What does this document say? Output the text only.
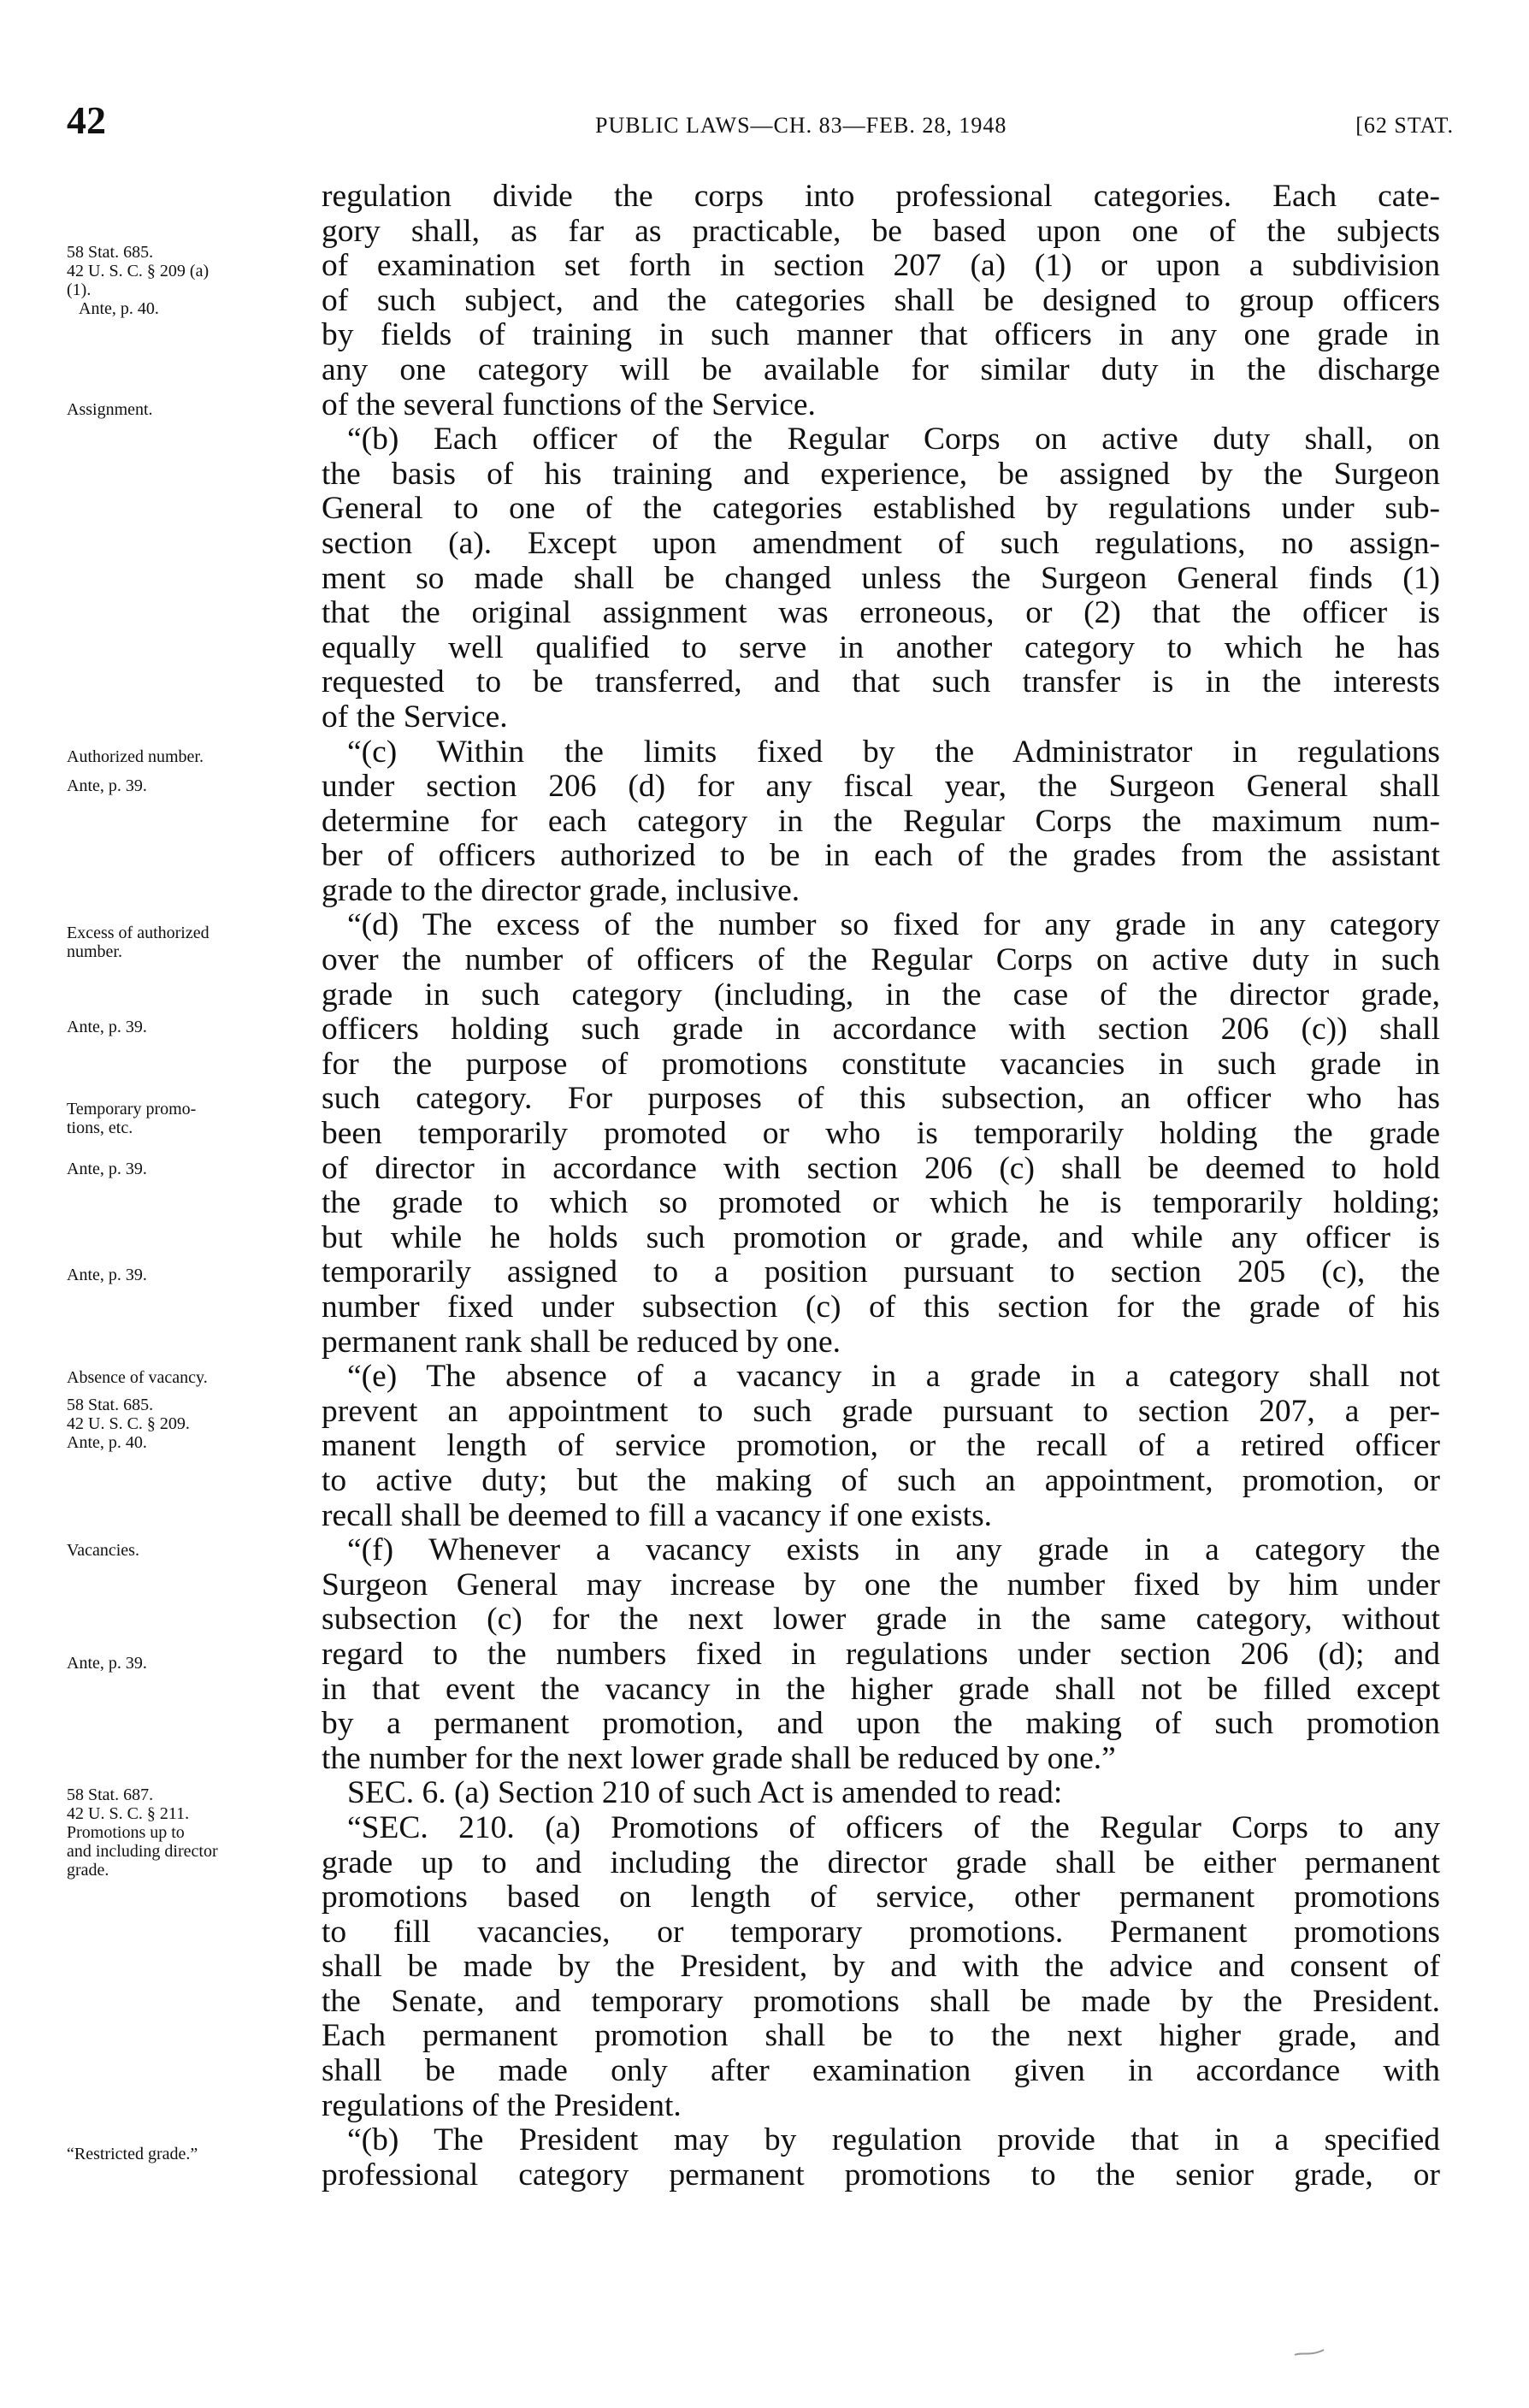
42	PUBLIC LAWS—CH. 83—FEB. 28, 1948	[62 STAT.
58 Stat. 685.
42 U. S. C. § 209 (a)
(1).
Ante, p. 40.
Assignment.
Authorized number.
Ante, p. 39.
Excess of authorized
number.
Ante, p. 39.
Temporary promo-
tions, etc.
Ante, p. 39.
Ante, p. 39.
Absence of vacancy.
58 Stat. 685.
42 U. S. C. § 209.
Ante, p. 40.
Vacancies.
Ante, p. 39.
58 Stat. 687.
42 U. S. C. § 211.
Promotions up to
and including director
grade.
“Restricted grade.”
regulation divide the corps into professional categories. Each cate-
gory shall, as far as practicable, be based upon one of the subjects
of examination set forth in section 207 (a) (1) or upon a subdivision
of such subject, and the categories shall be designed to group officers
by fields of training in such manner that officers in any one grade in
any one category will be available for similar duty in the discharge
of the several functions of the Service.
“(b) Each officer of the Regular Corps on active duty shall, on
the basis of his training and experience, be assigned by the Surgeon
General to one of the categories established by regulations under sub-
section (a). Except upon amendment of such regulations, no assign-
ment so made shall be changed unless the Surgeon General finds (1)
that the original assignment was erroneous, or (2) that the officer is
equally well qualified to serve in another category to which he has
requested to be transferred, and that such transfer is in the interests
of the Service.
“(c) Within the limits fixed by the Administrator in regulations
under section 206 (d) for any fiscal year, the Surgeon General shall
determine for each category in the Regular Corps the maximum num-
ber of officers authorized to be in each of the grades from the assistant
grade to the director grade, inclusive.
“(d) The excess of the number so fixed for any grade in any category
over the number of officers of the Regular Corps on active duty in such
grade in such category (including, in the case of the director grade,
officers holding such grade in accordance with section 206 (c)) shall
for the purpose of promotions constitute vacancies in such grade in
such category. For purposes of this subsection, an officer who has
been temporarily promoted or who is temporarily holding the grade
of director in accordance with section 206 (c) shall be deemed to hold
the grade to which so promoted or which he is temporarily holding;
but while he holds such promotion or grade, and while any officer is
temporarily assigned to a position pursuant to section 205 (c), the
number fixed under subsection (c) of this section for the grade of his
permanent rank shall be reduced by one.
“(e) The absence of a vacancy in a grade in a category shall not
prevent an appointment to such grade pursuant to section 207, a per-
manent length of service promotion, or the recall of a retired officer
to active duty; but the making of such an appointment, promotion, or
recall shall be deemed to fill a vacancy if one exists.
“(f) Whenever a vacancy exists in any grade in a category the
Surgeon General may increase by one the number fixed by him under
subsection (c) for the next lower grade in the same category, without
regard to the numbers fixed in regulations under section 206 (d); and
in that event the vacancy in the higher grade shall not be filled except
by a permanent promotion, and upon the making of such promotion
the number for the next lower grade shall be reduced by one.”
SEC. 6. (a) Section 210 of such Act is amended to read:
“SEC. 210. (a) Promotions of officers of the Regular Corps to any
grade up to and including the director grade shall be either permanent
promotions based on length of service, other permanent promotions
to fill vacancies, or temporary promotions. Permanent promotions
shall be made by the President, by and with the advice and consent of
the Senate, and temporary promotions shall be made by the President.
Each permanent promotion shall be to the next higher grade, and
shall be made only after examination given in accordance with
regulations of the President.
“(b) The President may by regulation provide that in a specified
professional category permanent promotions to the senior grade, or
